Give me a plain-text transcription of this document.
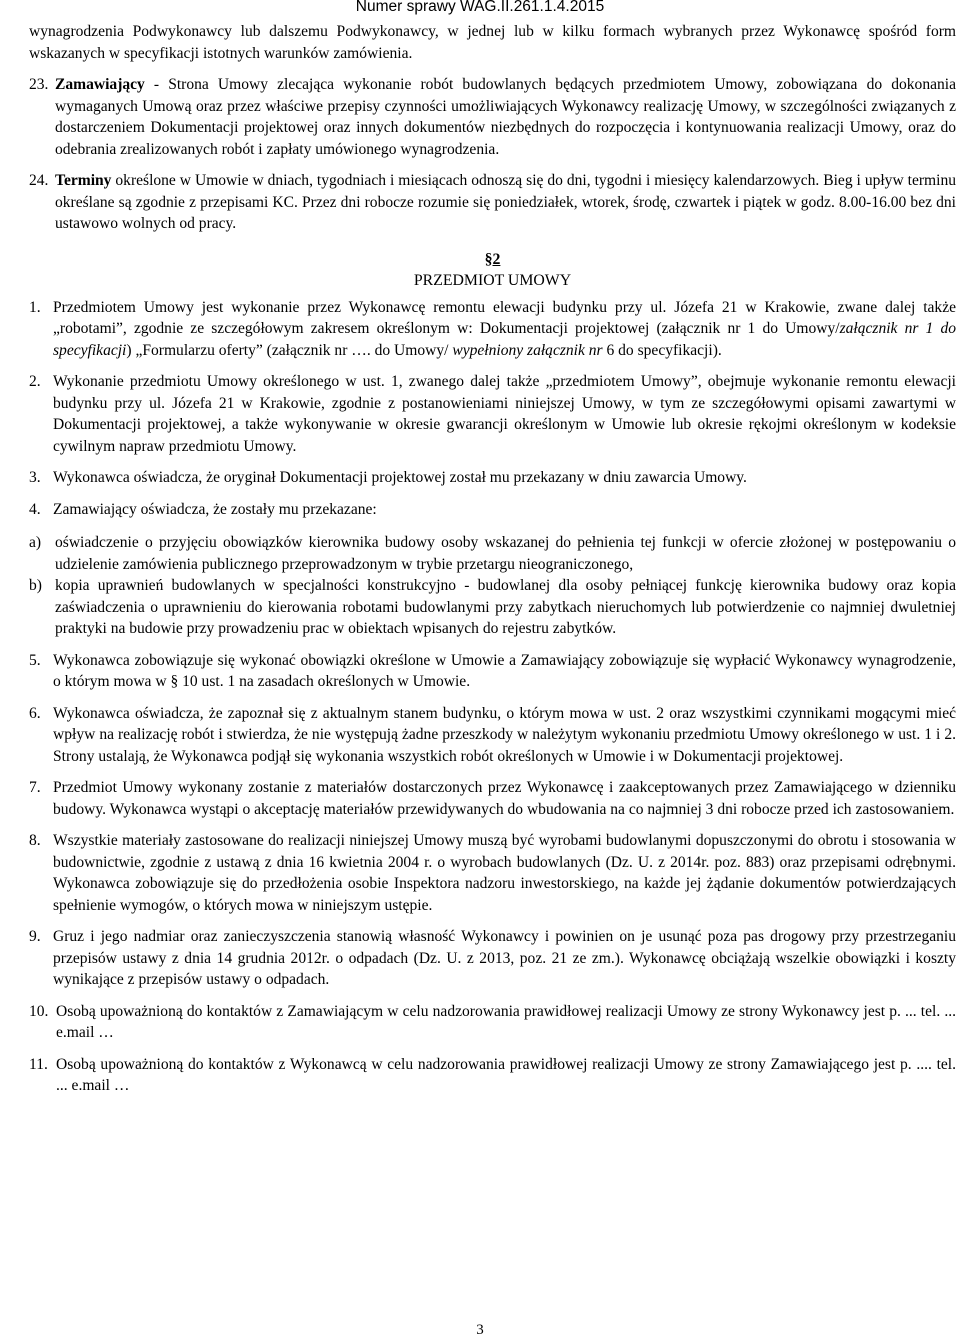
Numer sprawy WAG.II.261.1.4.2015

wynagrodzenia Podwykonawcy lub dalszemu Podwykonawcy, w jednej lub w kilku formach wybranych przez Wykonawcę spośród form wskazanych w specyfikacji istotnych warunków zamówienia.

23. Zamawiający - Strona Umowy zlecająca wykonanie robót budowlanych będących przedmiotem Umowy, zobowiązana do dokonania wymaganych Umową oraz przez właściwe przepisy czynności umożliwiających Wykonawcy realizację Umowy, w szczególności związanych z dostarczeniem Dokumentacji projektowej oraz innych dokumentów niezbędnych do rozpoczęcia i kontynuowania realizacji Umowy, oraz do odebrania zrealizowanych robót i zapłaty umówionego wynagrodzenia.
24. Terminy określone w Umowie w dniach, tygodniach i miesiącach odnoszą się do dni, tygodni i miesięcy kalendarzowych. Bieg i upływ terminu określane są zgodnie z przepisami KC. Przez dni robocze rozumie się poniedziałek, wtorek, środę, czwartek i piątek w godz. 8.00-16.00 bez dni ustawowo wolnych od pracy.
§2
PRZEDMIOT UMOWY
1. Przedmiotem Umowy jest wykonanie przez Wykonawcę remontu elewacji budynku przy ul. Józefa 21 w Krakowie, zwane dalej także „robotami”, zgodnie ze szczegółowym zakresem określonym w: Dokumentacji projektowej (załącznik nr 1 do Umowy/załącznik nr 1 do specyfikacji) „Formularzu oferty” (załącznik nr …. do Umowy/ wypełniony załącznik nr 6 do specyfikacji).
2. Wykonanie przedmiotu Umowy określonego w ust. 1, zwanego dalej także „przedmiotem Umowy”, obejmuje wykonanie remontu elewacji budynku przy ul. Józefa 21 w Krakowie, zgodnie z postanowieniami niniejszej Umowy, w tym ze szczegółowymi opisami zawartymi w Dokumentacji projektowej, a także wykonywanie w okresie gwarancji określonym w Umowie lub okresie rękojmi określonym w kodeksie cywilnym napraw przedmiotu Umowy.
3. Wykonawca oświadcza, że oryginał Dokumentacji projektowej został mu przekazany w dniu zawarcia Umowy.
4. Zamawiający oświadcza, że zostały mu przekazane:
a) oświadczenie o przyjęciu obowiązków kierownika budowy osoby wskazanej do pełnienia tej funkcji w ofercie złożonej w postępowaniu o udzielenie zamówienia publicznego przeprowadzonym w trybie przetargu nieograniczonego,
b) kopia uprawnień budowlanych w specjalności konstrukcyjno - budowlanej dla osoby pełniącej funkcję kierownika budowy oraz kopia zaświadczenia o uprawnieniu do kierowania robotami budowlanymi przy zabytkach nieruchomych lub potwierdzenie co najmniej dwuletniej praktyki na budowie przy prowadzeniu prac w obiektach wpisanych do rejestru zabytków.
5. Wykonawca zobowiązuje się wykonać obowiązki określone w Umowie a Zamawiający zobowiązuje się wypłacić Wykonawcy wynagrodzenie, o którym mowa w § 10 ust. 1 na zasadach określonych w Umowie.
6. Wykonawca oświadcza, że zapoznał się z aktualnym stanem budynku, o którym mowa w ust. 2 oraz wszystkimi czynnikami mogącymi mieć wpływ na realizację robót i stwierdza, że nie występują żadne przeszkody w należytym wykonaniu przedmiotu Umowy określonego w ust. 1 i 2. Strony ustalają, że Wykonawca podjął się wykonania wszystkich robót określonych w Umowie i w Dokumentacji projektowej.
7. Przedmiot Umowy wykonany zostanie z materiałów dostarczonych przez Wykonawcę i zaakceptowanych przez Zamawiającego w dzienniku budowy. Wykonawca wystąpi o akceptację materiałów przewidywanych do wbudowania na co najmniej 3 dni robocze przed ich zastosowaniem.
8. Wszystkie materiały zastosowane do realizacji niniejszej Umowy muszą być wyrobami budowlanymi dopuszczonymi do obrotu i stosowania w budownictwie, zgodnie z ustawą z dnia 16 kwietnia 2004 r. o wyrobach budowlanych (Dz. U. z 2014r. poz. 883) oraz przepisami odrębnymi. Wykonawca zobowiązuje się do przedłożenia osobie Inspektora nadzoru inwestorskiego, na każde jej żądanie dokumentów potwierdzających spełnienie wymogów, o których mowa w niniejszym ustępie.
9. Gruz i jego nadmiar oraz zanieczyszczenia stanowią własność Wykonawcy i powinien on je usunąć poza pas drogowy przy przestrzeganiu przepisów ustawy z dnia 14 grudnia 2012r. o odpadach (Dz. U. z 2013, poz. 21 ze zm.). Wykonawcę obciążają wszelkie obowiązki i koszty wynikające z przepisów ustawy o odpadach.
10. Osobą upoważnioną do kontaktów z Zamawiającym w celu nadzorowania prawidłowej realizacji Umowy ze strony Wykonawcy jest p. ... tel. ... e.mail …
11. Osobą upoważnioną do kontaktów z Wykonawcą w celu nadzorowania prawidłowej realizacji Umowy ze strony Zamawiającego jest p. .... tel. ... e.mail …
3
